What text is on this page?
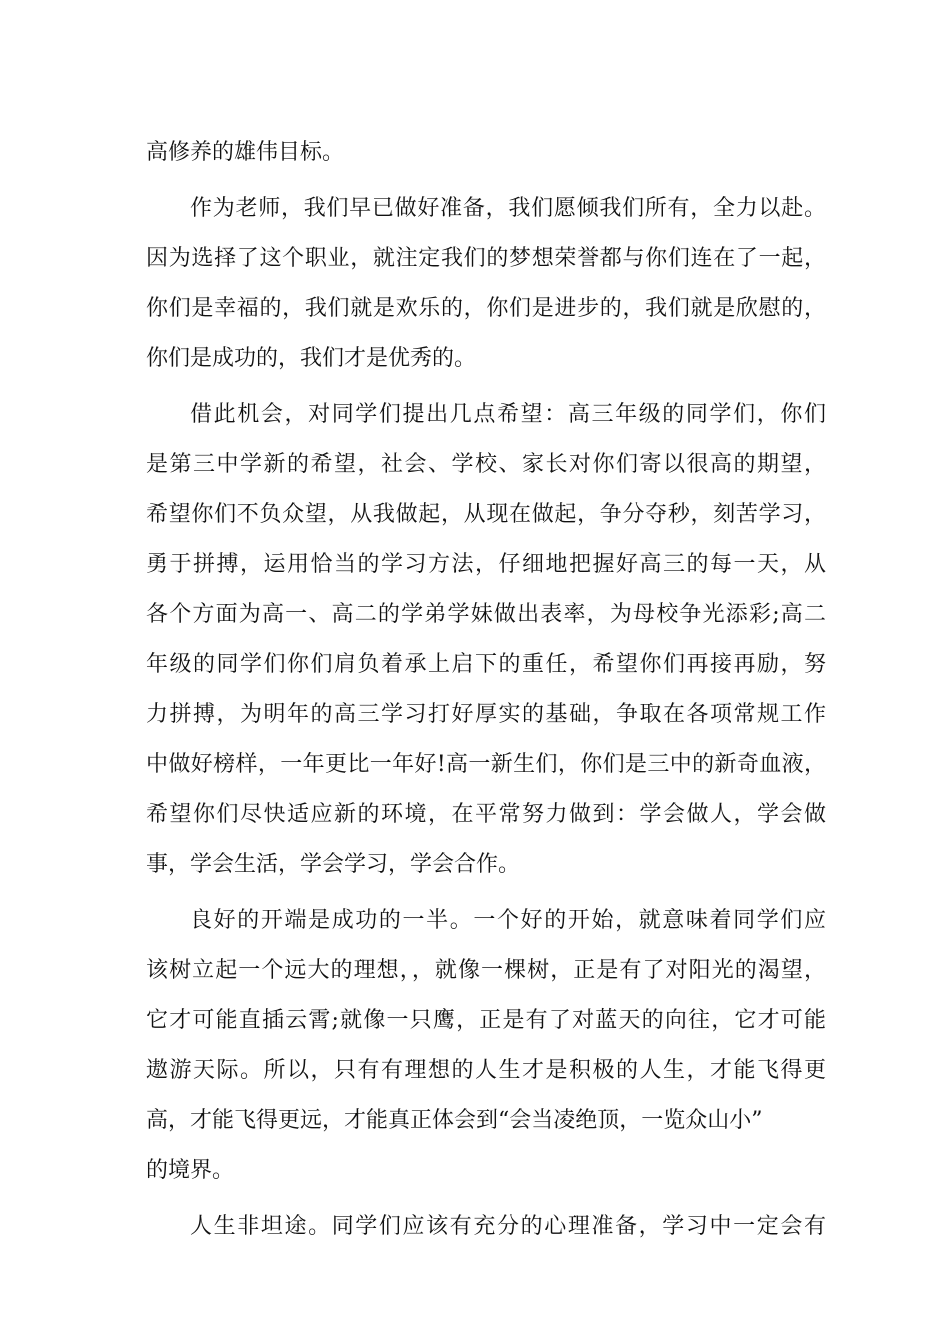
高修养的雄伟目标。
作为老师，我们早已做好准备，我们愿倾我们所有，全力以赴。
因为选择了这个职业，就注定我们的梦想荣誉都与你们连在了一起，
你们是幸福的，我们就是欢乐的，你们是进步的，我们就是欣慰的，
你们是成功的，我们才是优秀的。
借此机会，对同学们提出几点希望：高三年级的同学们，你们
是第三中学新的希望，社会、学校、家长对你们寄以很高的期望，
希望你们不负众望，从我做起，从现在做起，争分夺秒，刻苦学习，
勇于拼搏，运用恰当的学习方法，仔细地把握好高三的每一天，从
各个方面为高一、高二的学弟学妹做出表率，为母校争光添彩;高二
年级的同学们你们肩负着承上启下的重任，希望你们再接再励，努
力拼搏，为明年的高三学习打好厚实的基础，争取在各项常规工作
中做好榜样，一年更比一年好!高一新生们，你们是三中的新奇血液，
希望你们尽快适应新的环境，在平常努力做到：学会做人，学会做
事，学会生活，学会学习，学会合作。
良好的开端是成功的一半。一个好的开始，就意味着同学们应
该树立起一个远大的理想，，就像一棵树，正是有了对阳光的渴望，
它才可能直插云霄;就像一只鹰，正是有了对蓝天的向往，它才可能
遨游天际。所以，只有有理想的人生才是积极的人生，才能飞得更
高，才能飞得更远，才能真正体会到“会当凌绝顶，一览众山小”
的境界。
人生非坦途。同学们应该有充分的心理准备，学习中一定会有
